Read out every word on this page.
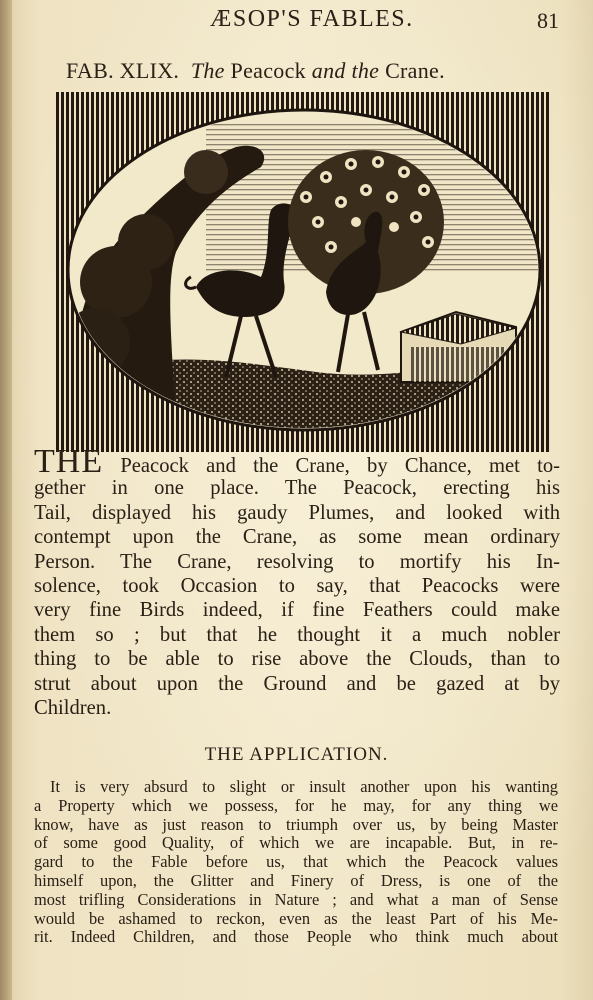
ÆSOP'S FABLES.	81
FAB. XLIX. The Peacock and the Crane.
THE Peacock and the Crane, by Chance, met to-
gether in one place. The Peacock, erecting his
Tail, displayed his gaudy Plumes, and looked with
contempt upon the Crane, as some mean ordinary
Person. The Crane, resolving to mortify his In-
solence, took Occasion to say, that Peacocks were
very fine Birds indeed, if fine Feathers could make
them so ; but that he thought it a much nobler
thing to be able to rise above the Clouds, than to
strut about upon the Ground and be gazed at by
Children.
THE APPLICATION.
It is very absurd to slight or insult another upon his wanting
a Property which we possess, for he may, for any thing we
know, have as just reason to triumph over us, by being Master
of some good Quality, of which we are incapable. But, in re-
gard to the Fable before us, that which the Peacock values
himself upon, the Glitter and Finery of Dress, is one of the
most trifling Considerations in Nature ; and what a man of Sense
would be ashamed to reckon, even as the least Part of his Me-
rit. Indeed Children, and those People who think much about
